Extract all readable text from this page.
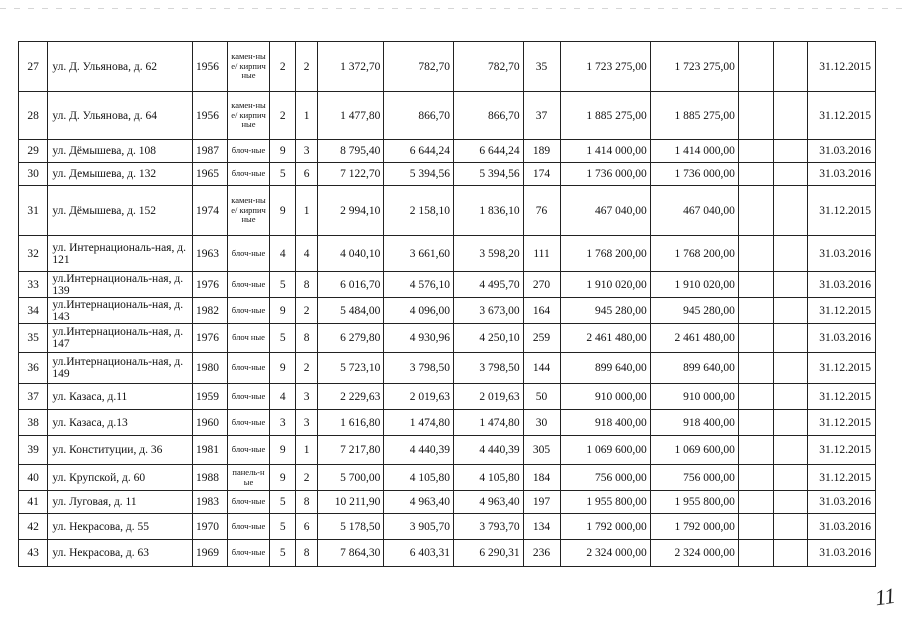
27	ул. Д. Ульянова, д. 62	1956	камен-ные/ кирпич ные	2	2	1 372,70	782,70	782,70	35	1 723 275,00	1 723 275,00			31.12.2015
28	ул. Д. Ульянова, д. 64	1956	камен-ные/ кирпич ные	2	1	1 477,80	866,70	866,70	37	1 885 275,00	1 885 275,00			31.12.2015
29	ул. Дёмышева, д. 108	1987	блоч-ные	9	3	8 795,40	6 644,24	6 644,24	189	1 414 000,00	1 414 000,00			31.03.2016
30	ул. Демышева, д. 132	1965	блоч-ные	5	6	7 122,70	5 394,56	5 394,56	174	1 736 000,00	1 736 000,00			31.03.2016
31	ул. Дёмышева, д. 152	1974	камен-ные/ кирпич ные	9	1	2 994,10	2 158,10	1 836,10	76	467 040,00	467 040,00			31.12.2015
32	ул. Интернациональ-ная, д. 121	1963	блоч-ные	4	4	4 040,10	3 661,60	3 598,20	111	1 768 200,00	1 768 200,00			31.03.2016
33	ул.Интернациональ-ная, д. 139	1976	блоч-ные	5	8	6 016,70	4 576,10	4 495,70	270	1 910 020,00	1 910 020,00			31.03.2016
34	ул.Интернациональ-ная, д. 143	1982	блоч-ные	9	2	5 484,00	4 096,00	3 673,00	164	945 280,00	945 280,00			31.12.2015
35	ул.Интернациональ-ная, д. 147	1976	блоч ные	5	8	6 279,80	4 930,96	4 250,10	259	2 461 480,00	2 461 480,00			31.03.2016
36	ул.Интернациональ-ная, д. 149	1980	блоч-ные	9	2	5 723,10	3 798,50	3 798,50	144	899 640,00	899 640,00			31.12.2015
37	ул. Казаса, д.11	1959	блоч-ные	4	3	2 229,63	2 019,63	2 019,63	50	910 000,00	910 000,00			31.12.2015
38	ул. Казаса, д.13	1960	блоч-ные	3	3	1 616,80	1 474,80	1 474,80	30	918 400,00	918 400,00			31.12.2015
39	ул. Конституции, д. 36	1981	блоч-ные	9	1	7 217,80	4 440,39	4 440,39	305	1 069 600,00	1 069 600,00			31.12.2015
40	ул. Крупской, д. 60	1988	панель-ные	9	2	5 700,00	4 105,80	4 105,80	184	756 000,00	756 000,00			31.12.2015
41	ул. Луговая, д. 11	1983	блоч-ные	5	8	10 211,90	4 963,40	4 963,40	197	1 955 800,00	1 955 800,00			31.03.2016
42	ул. Некрасова, д. 55	1970	блоч-ные	5	6	5 178,50	3 905,70	3 793,70	134	1 792 000,00	1 792 000,00			31.03.2016
43	ул. Некрасова, д. 63	1969	блоч-ные	5	8	7 864,30	6 403,31	6 290,31	236	2 324 000,00	2 324 000,00			31.03.2016
11
